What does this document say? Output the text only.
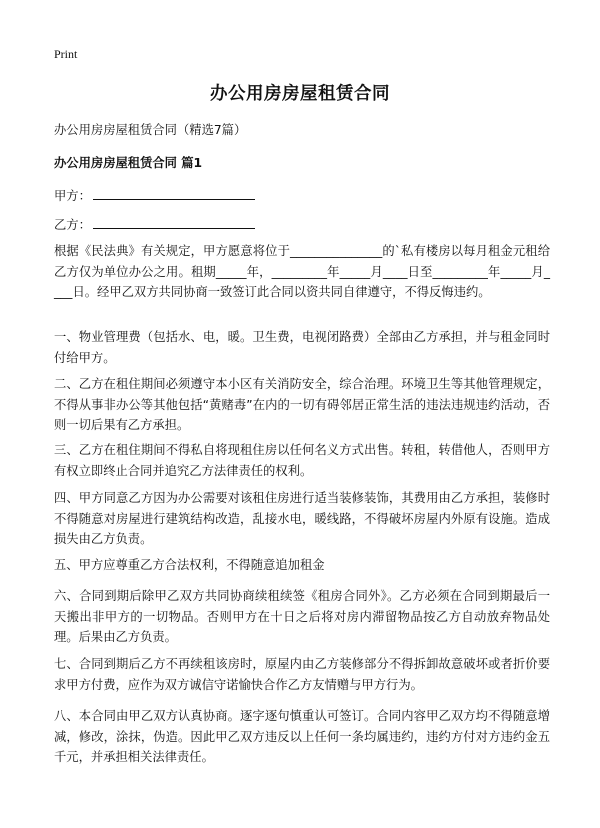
Print
办公用房房屋租赁合同
办公用房房屋租赁合同（精选7篇）
办公用房房屋租赁合同 篇1
甲方：
乙方：

根据《民法典》有关规定，甲方愿意将位于_______________的`私有楼房以每月租金元租给乙方仅为单位办公之用。租期_____年，_________年_____月____日至_________年_____月____日。经甲乙双方共同协商一致签订此合同以资共同自律遵守，不得反悔违约。

一、物业管理费（包括水、电，暖。卫生费，电视闭路费）全部由乙方承担，并与租金同时付给甲方。

二、乙方在租住期间必须遵守本小区有关消防安全，综合治理。环境卫生等其他管理规定，不得从事非办公等其他包括“黄赌毒”在内的一切有碍邻居正常生活的违法违规违约活动，否则一切后果有乙方承担。

三、乙方在租住期间不得私自将现租住房以任何名义方式出售。转租，转借他人，否则甲方有权立即终止合同并追究乙方法律责任的权利。

四、甲方同意乙方因为办公需要对该租住房进行适当装修装饰，其费用由乙方承担，装修时不得随意对房屋进行建筑结构改造，乱接水电，暖线路，不得破坏房屋内外原有设施。造成损失由乙方负责。

五、甲方应尊重乙方合法权利，不得随意追加租金

六、合同到期后除甲乙双方共同协商续租续签《租房合同外》。乙方必须在合同到期最后一天搬出非甲方的一切物品。否则甲方在十日之后将对房内滞留物品按乙方自动放弃物品处理。后果由乙方负责。

七、合同到期后乙方不再续租该房时，原屋内由乙方装修部分不得拆卸故意破坏或者折价要求甲方付费，应作为双方诚信守诺愉快合作乙方友情赠与甲方行为。

八、本合同由甲乙双方认真协商。逐字逐句慎重认可签订。合同内容甲乙双方均不得随意增减，修改，涂抹，伪造。因此甲乙双方违反以上任何一条均属违约，违约方付对方违约金五千元，并承担相关法律责任。
